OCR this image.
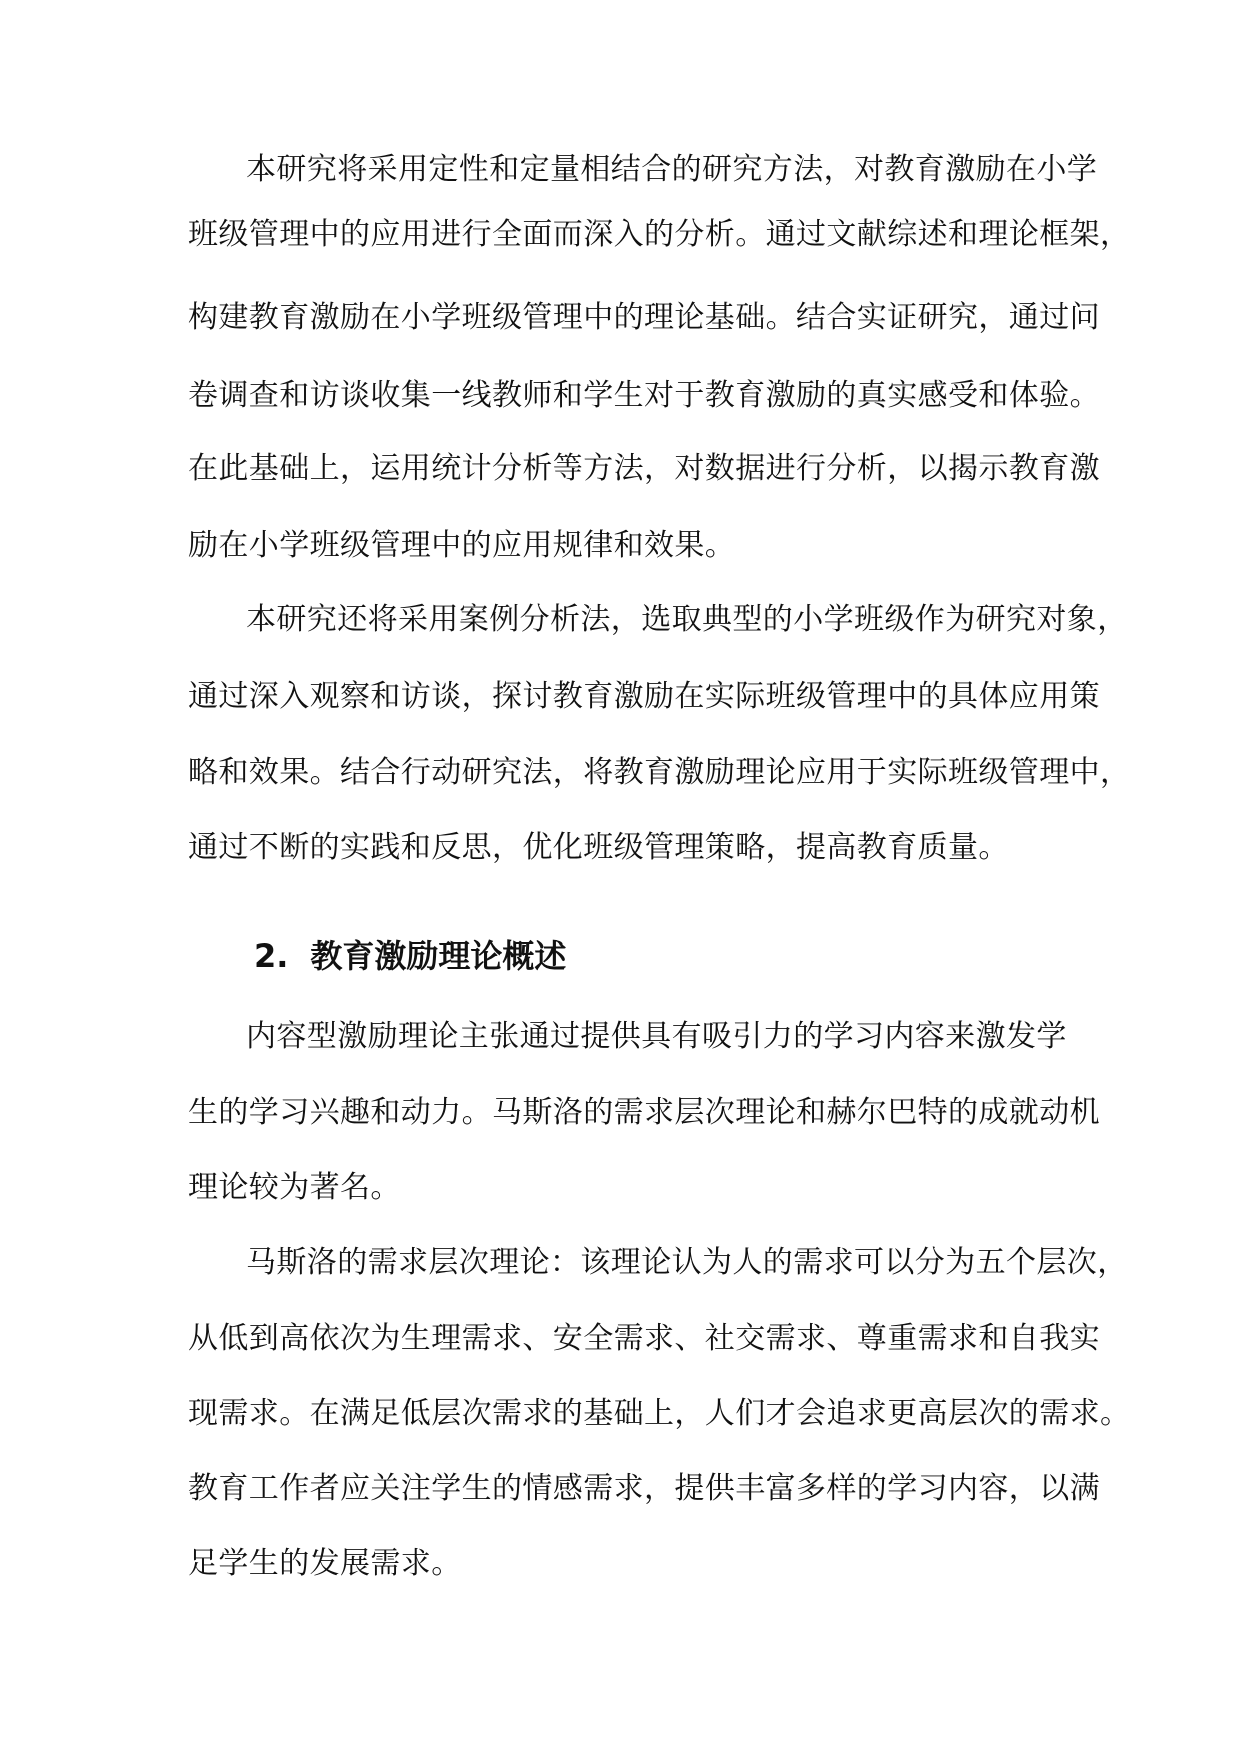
本研究将采用定性和定量相结合的研究方法，对教育激励在小学
班级管理中的应用进行全面而深入的分析。通过文献综述和理论框架，
构建教育激励在小学班级管理中的理论基础。结合实证研究，通过问
卷调查和访谈收集一线教师和学生对于教育激励的真实感受和体验。
在此基础上，运用统计分析等方法，对数据进行分析，以揭示教育激
励在小学班级管理中的应用规律和效果。
本研究还将采用案例分析法，选取典型的小学班级作为研究对象，
通过深入观察和访谈，探讨教育激励在实际班级管理中的具体应用策
略和效果。结合行动研究法，将教育激励理论应用于实际班级管理中，
通过不断的实践和反思，优化班级管理策略，提高教育质量。
2. 教育激励理论概述
内容型激励理论主张通过提供具有吸引力的学习内容来激发学
生的学习兴趣和动力。马斯洛的需求层次理论和赫尔巴特的成就动机
理论较为著名。
马斯洛的需求层次理论：该理论认为人的需求可以分为五个层次，
从低到高依次为生理需求、安全需求、社交需求、尊重需求和自我实
现需求。在满足低层次需求的基础上，人们才会追求更高层次的需求。
教育工作者应关注学生的情感需求，提供丰富多样的学习内容，以满
足学生的发展需求。
